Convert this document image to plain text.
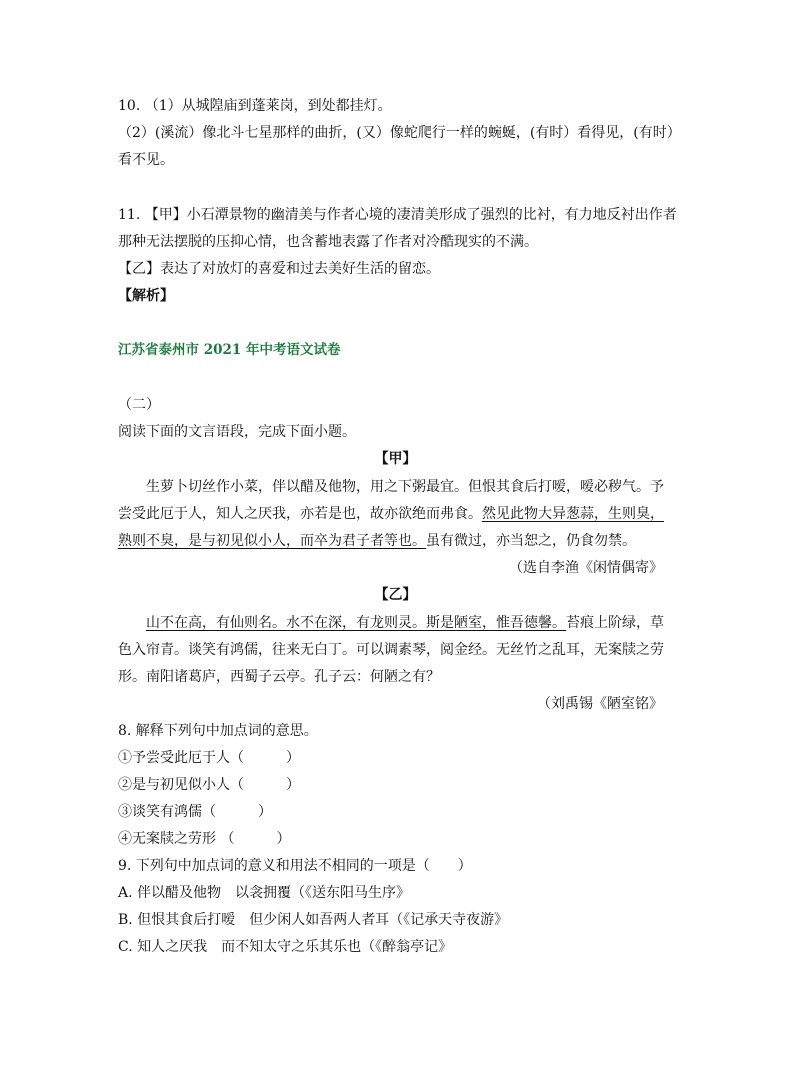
10. （1）从城隍庙到蓬莱岗，到处都挂灯。
（2）(溪流）像北斗七星那样的曲折，(又）像蛇爬行一样的蜿蜒，(有时）看得见，(有时）
看不见。
11. 【甲】小石潭景物的幽清美与作者心境的凄清美形成了强烈的比衬，有力地反衬出作者
那种无法摆脱的压抑心情，也含蓄地表露了作者对冷酷现实的不满。
【乙】表达了对放灯的喜爱和过去美好生活的留恋。
【解析】
江苏省泰州市 2021 年中考语文试卷
（二）
阅读下面的文言语段，完成下面小题。
【甲】
生萝卜切丝作小菜，伴以醋及他物，用之下粥最宜。但恨其食后打嗳，嗳必秽气。予
尝受此厄于人，知人之厌我，亦若是也，故亦欲绝而弗食。然见此物大异葱蒜，生则臭，
熟则不臭，是与初见似小人，而卒为君子者等也。虽有微过，亦当恕之，仍食勿禁。
（选自李渔《闲情偶寄》
【乙】
山不在高，有仙则名。水不在深，有龙则灵。斯是陋室，惟吾德馨。苔痕上阶绿，草
色入帘青。谈笑有鸿儒，往来无白丁。可以调素琴，阅金经。无丝竹之乱耳，无案牍之劳
形。南阳诸葛庐，西蜀子云亭。孔子云：何陋之有？
（刘禹锡《陋室铭》
8. 解释下列句中加点词的意思。
①予尝受此厄于人（　　　）
②是与初见似小人（　　　）
③谈笑有鸿儒（　　　）
④无案牍之劳形 （　　　）
9. 下列句中加点词的意义和用法不相同的一项是（　　）
A. 伴以醋及他物　以衾拥覆（《送东阳马生序》
B. 但恨其食后打嗳　但少闲人如吾两人者耳（《记承天寺夜游》
C. 知人之厌我　而不知太守之乐其乐也（《醉翁亭记》
